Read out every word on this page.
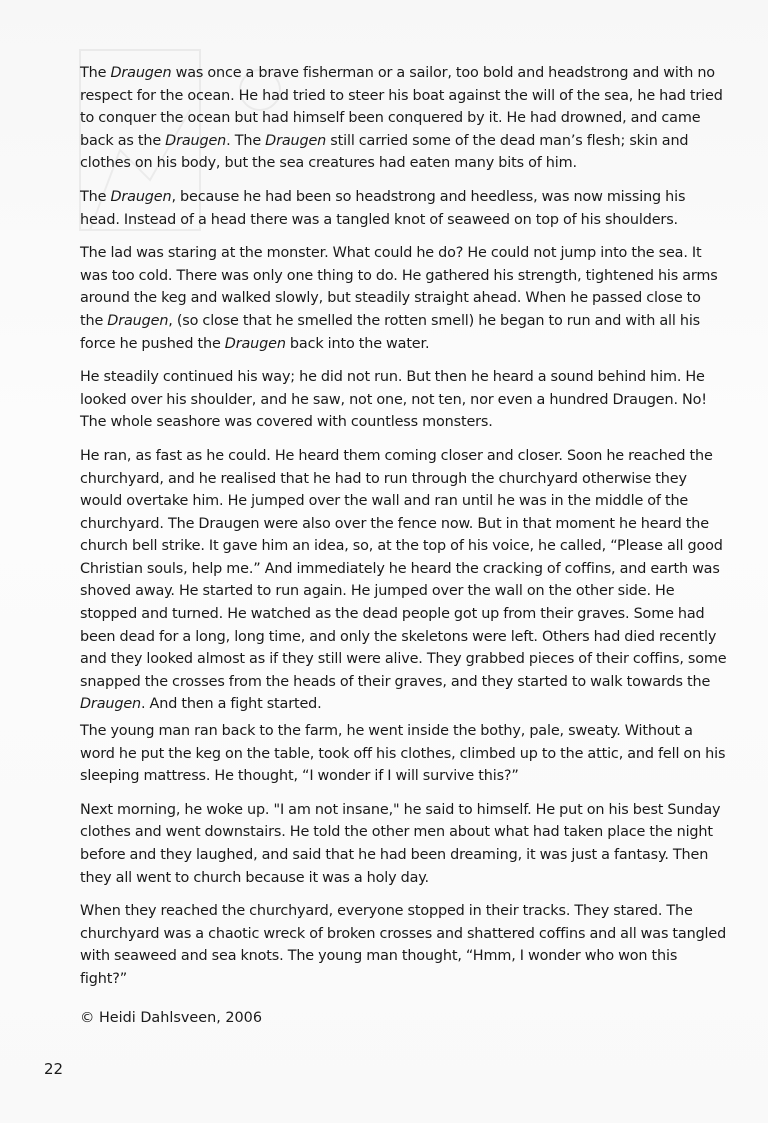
The Draugen was once a brave fisherman or a sailor, too bold and headstrong and with no respect for the ocean. He had tried to steer his boat against the will of the sea, he had tried to conquer the ocean but had himself been conquered by it. He had drowned, and came back as the Draugen. The Draugen still carried some of the dead man’s flesh; skin and clothes on his body, but the sea creatures had eaten many bits of him.

The Draugen, because he had been so headstrong and heedless, was now missing his head. Instead of a head there was a tangled knot of seaweed on top of his shoulders.

The lad was staring at the monster. What could he do? He could not jump into the sea. It was too cold. There was only one thing to do. He gathered his strength, tightened his arms around the keg and walked slowly, but steadily straight ahead. When he passed close to the Draugen, (so close that he smelled the rotten smell) he began to run and with all his force he pushed the Draugen back into the water.

He steadily continued his way; he did not run. But then he heard a sound behind him. He looked over his shoulder, and he saw, not one, not ten, nor even a hundred Draugen. No! The whole seashore was covered with countless monsters.

He ran, as fast as he could. He heard them coming closer and closer. Soon he reached the churchyard, and he realised that he had to run through the churchyard otherwise they would overtake him. He jumped over the wall and ran until he was in the middle of the churchyard. The Draugen were also over the fence now. But in that moment he heard the church bell strike. It gave him an idea, so, at the top of his voice, he called, “Please all good Christian souls, help me.” And immediately he heard the cracking of coffins, and earth was shoved away. He started to run again. He jumped over the wall on the other side. He stopped and turned. He watched as the dead people got up from their graves. Some had been dead for a long, long time, and only the skeletons were left. Others had died recently and they looked almost as if they still were alive. They grabbed pieces of their coffins, some snapped the crosses from the heads of their graves, and they started to walk towards the Draugen. And then a fight started.

The young man ran back to the farm, he went inside the bothy, pale, sweaty. Without a word he put the keg on the table, took off his clothes, climbed up to the attic, and fell on his sleeping mattress. He thought, “I wonder if I will survive this?”

Next morning, he woke up. "I am not insane," he said to himself. He put on his best Sunday clothes and went downstairs. He told the other men about what had taken place the night before and they laughed, and said that he had been dreaming, it was just a fantasy. Then they all went to church because it was a holy day.

When they reached the churchyard, everyone stopped in their tracks. They stared. The churchyard was a chaotic wreck of broken crosses and shattered coffins and all was tangled with seaweed and sea knots. The young man thought, “Hmm, I wonder who won this fight?”

© Heidi Dahlsveen, 2006
22
